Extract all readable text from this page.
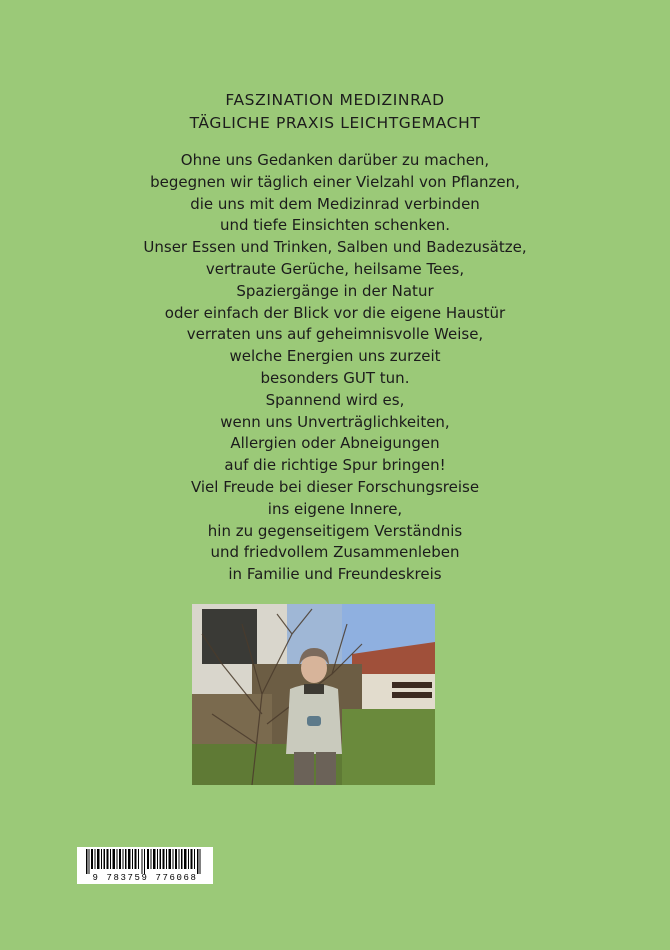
FASZINATION MEDIZINRAD
TÄGLICHE PRAXIS LEICHTGEMACHT
Ohne uns Gedanken darüber zu machen,
begegnen wir täglich einer Vielzahl von Pflanzen,
die uns mit dem Medizinrad verbinden
und tiefe Einsichten schenken.
Unser Essen und Trinken, Salben und Badezusätze,
vertraute Gerüche, heilsame Tees,
Spaziergänge in der Natur
oder einfach der Blick vor die eigene Haustür
verraten uns auf geheimnisvolle Weise,
welche Energien uns zurzeit
besonders GUT tun.
Spannend wird es,
wenn uns Unverträglichkeiten,
Allergien oder Abneigungen
auf die richtige Spur bringen!
Viel Freude bei dieser Forschungsreise
ins eigene Innere,
hin zu gegenseitigem Verständnis
und friedvollem Zusammenleben
in Familie und Freundeskreis
9 783759 776068
